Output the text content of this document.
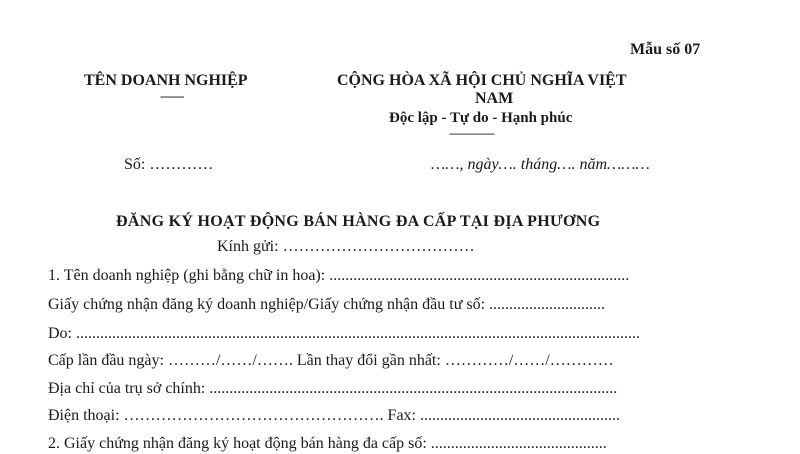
Mẫu số 07
TÊN DOANH NGHIỆP
-------
CỘNG HÒA XÃ HỘI CHỦ NGHĨA VIỆT
NAM
Độc lập - Tự do - Hạnh phúc
---------------
Số: …………	……, ngày…. tháng…. năm………
ĐĂNG KÝ HOẠT ĐỘNG BÁN HÀNG ĐA CẤP TẠI ĐỊA PHƯƠNG
Kính gửi: ………………………………
1. Tên doanh nghiệp (ghi bằng chữ in hoa): ...........................................................................
Giấy chứng nhận đăng ký doanh nghiệp/Giấy chứng nhận đầu tư số: .............................
Do: .............................................................................................................................................
Cấp lần đầu ngày: ………/……/……. Lần thay đổi gần nhất: …………/……/…………
Địa chỉ của trụ sở chính: ......................................................................................................
Điện thoại: …………………………………………. Fax: ..................................................
2. Giấy chứng nhận đăng ký hoạt động bán hàng đa cấp số: ............................................
